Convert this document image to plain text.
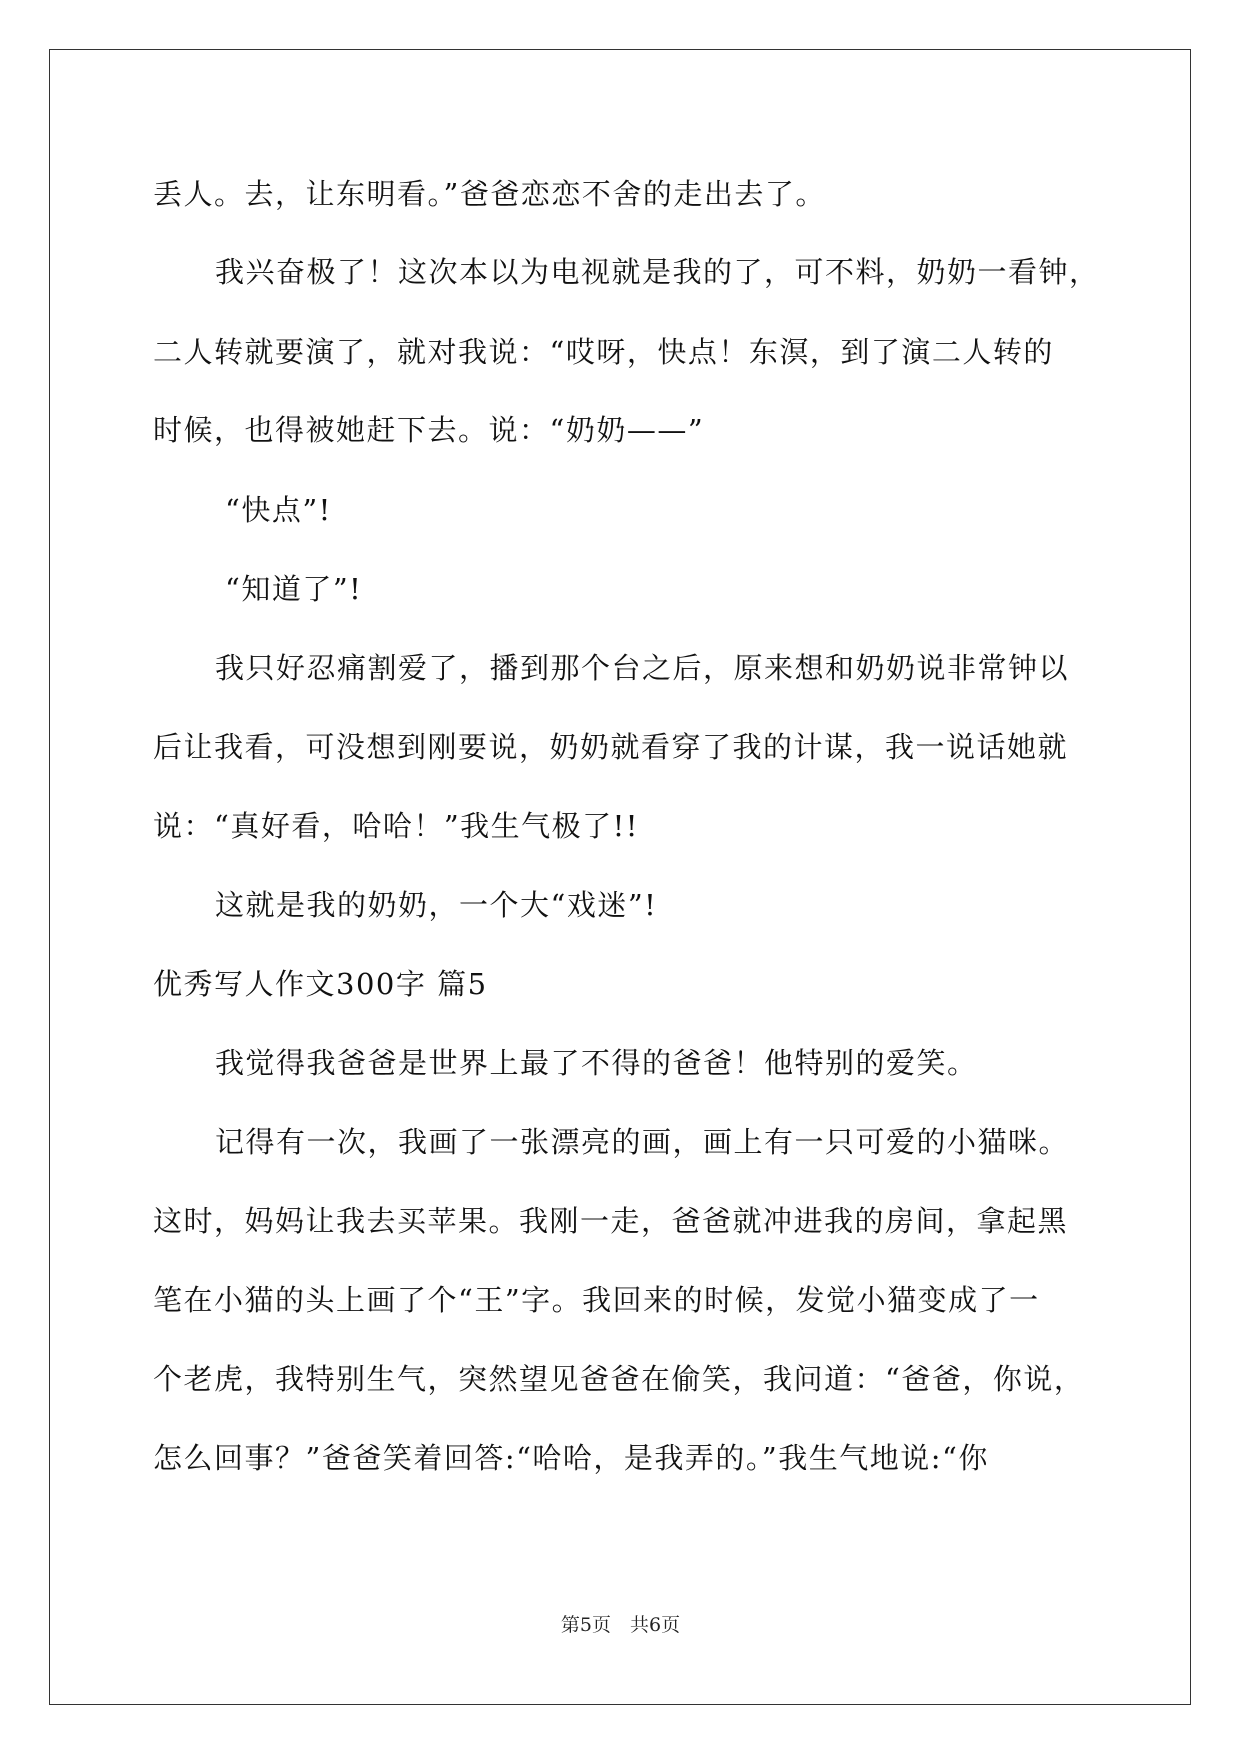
丢人。去，让东明看。”爸爸恋恋不舍的走出去了。
我兴奋极了！这次本以为电视就是我的了，可不料，奶奶一看钟，
二人转就要演了，就对我说：“哎呀，快点！东溟，到了演二人转的
时候，也得被她赶下去。说：“奶奶——”
“快点”!
“知道了”!
我只好忍痛割爱了，播到那个台之后，原来想和奶奶说非常钟以
后让我看，可没想到刚要说，奶奶就看穿了我的计谋，我一说话她就
说：“真好看，哈哈！”我生气极了!!
这就是我的奶奶，一个大“戏迷”!
优秀写人作文300字 篇5
我觉得我爸爸是世界上最了不得的爸爸！他特别的爱笑。
记得有一次，我画了一张漂亮的画，画上有一只可爱的小猫咪。
这时，妈妈让我去买苹果。我刚一走，爸爸就冲进我的房间，拿起黑
笔在小猫的头上画了个“王”字。我回来的时候，发觉小猫变成了一
个老虎，我特别生气，突然望见爸爸在偷笑，我问道：“爸爸，你说，
怎么回事？”爸爸笑着回答:“哈哈，是我弄的。”我生气地说:“你
第5页　共6页
